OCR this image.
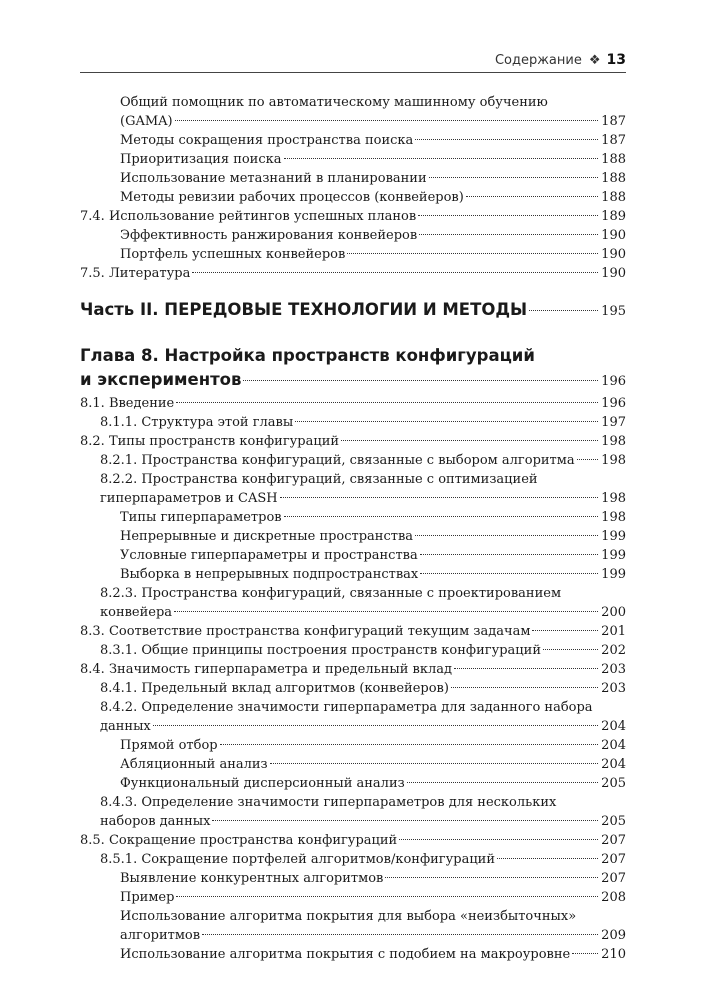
Содержание ❖ 13
Общий помощник по автоматическому машинному обучению
(GAMA)	187
Методы сокращения пространства поиска	187
Приоритизация поиска	188
Использование метазнаний в планировании	188
Методы ревизии рабочих процессов (конвейеров)	188
7.4. Использование рейтингов успешных планов	189
Эффективность ранжирования конвейеров	190
Портфель успешных конвейеров	190
7.5. Литература	190
Часть II. ПЕРЕДОВЫЕ ТЕХНОЛОГИИ И МЕТОДЫ	195
Глава 8. Настройка пространств конфигураций
и экспериментов	196
8.1. Введение	196
8.1.1. Структура этой главы	197
8.2. Типы пространств конфигураций	198
8.2.1. Пространства конфигураций, связанные с выбором алгоритма 198
8.2.2. Пространства конфигураций, связанные с оптимизацией
гиперпараметров и CASH	198
Типы гиперпараметров	198
Непрерывные и дискретные пространства	199
Условные гиперпараметры и пространства	199
Выборка в непрерывных подпространствах	199
8.2.3. Пространства конфигураций, связанные с проектированием
конвейера	200
8.3. Соответствие пространства конфигураций текущим задачам	201
8.3.1. Общие принципы построения пространств конфигураций	202
8.4. Значимость гиперпараметра и предельный вклад	203
8.4.1. Предельный вклад алгоритмов (конвейеров)	203
8.4.2. Определение значимости гиперпараметра для заданного набора
данных	204
Прямой отбор	204
Абляционный анализ	204
Функциональный дисперсионный анализ	205
8.4.3. Определение значимости гиперпараметров для нескольких
наборов данных	205
8.5. Сокращение пространства конфигураций	207
8.5.1. Сокращение портфелей алгоритмов/конфигураций	207
Выявление конкурентных алгоритмов	207
Пример	208
Использование алгоритма покрытия для выбора «неизбыточных»
алгоритмов	209
Использование алгоритма покрытия с подобием на макроуровне 210
